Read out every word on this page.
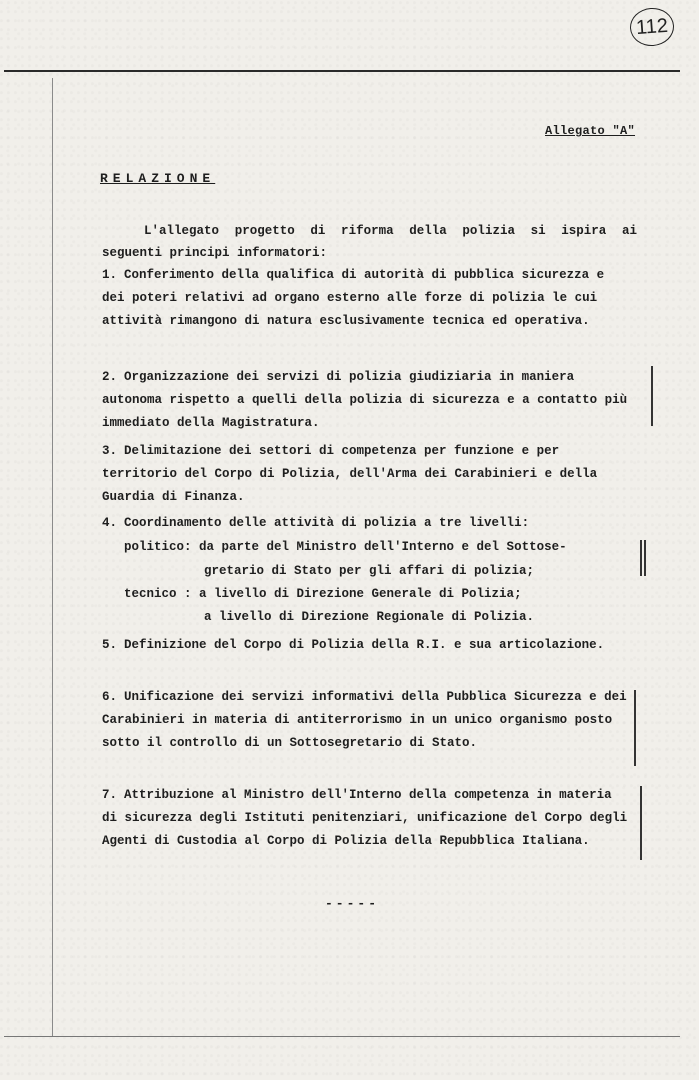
112
Allegato "A"
RELAZIONE
L'allegato progetto di riforma della polizia si ispira ai seguenti principi informatori:
1. Conferimento della qualifica di autorità di pubblica sicurezza e dei poteri relativi ad organo esterno alle forze di polizia le cui attività rimangono di natura esclusivamente tecnica ed operativa.
2. Organizzazione dei servizi di polizia giudiziaria in maniera autonoma rispetto a quelli della polizia di sicurezza e a contatto più immediato della Magistratura.
3. Delimitazione dei settori di competenza per funzione e per territorio del Corpo di Polizia, dell'Arma dei Carabinieri e della Guardia di Finanza.
4. Coordinamento delle attività di polizia a tre livelli:
politico: da parte del Ministro dell'Interno e del Sottose-
gretario di Stato per gli affari di polizia;
tecnico : a livello di Direzione Generale di Polizia;
a livello di Direzione Regionale di Polizia.
5. Definizione del Corpo di Polizia della R.I. e sua articolazione.
6. Unificazione dei servizi informativi della Pubblica Sicurezza e dei Carabinieri in materia di antiterrorismo in un unico organismo posto sotto il controllo di un Sottosegretario di Stato.
7. Attribuzione al Ministro dell'Interno della competenza in materia di sicurezza degli Istituti penitenziari, unificazione del Corpo degli Agenti di Custodia al Corpo di Polizia della Repubblica Italiana.
-----
